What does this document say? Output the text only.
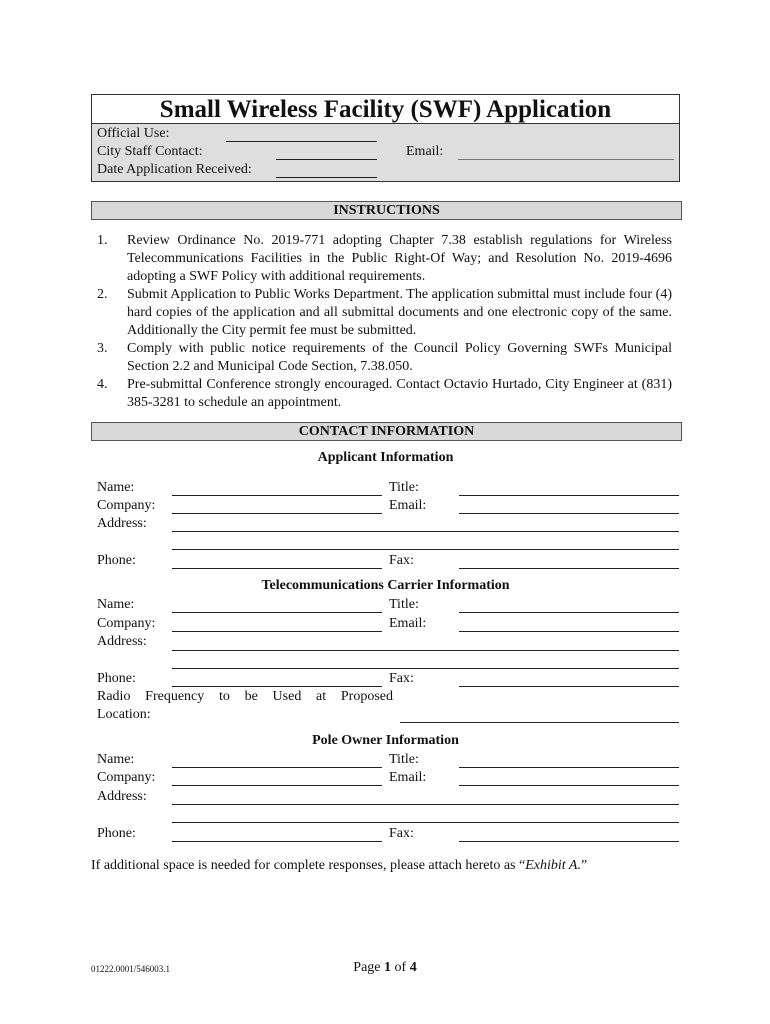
Small Wireless Facility (SWF) Application
Official Use:
City Staff Contact:	Email:
Date Application Received:
INSTRUCTIONS
1. Review Ordinance No. 2019-771 adopting Chapter 7.38 establish regulations for Wireless Telecommunications Facilities in the Public Right-Of Way; and Resolution No. 2019-4696 adopting a SWF Policy with additional requirements.
2. Submit Application to Public Works Department. The application submittal must include four (4) hard copies of the application and all submittal documents and one electronic copy of the same. Additionally the City permit fee must be submitted.
3. Comply with public notice requirements of the Council Policy Governing SWFs Municipal Section 2.2 and Municipal Code Section, 7.38.050.
4. Pre-submittal Conference strongly encouraged. Contact Octavio Hurtado, City Engineer at (831) 385-3281 to schedule an appointment.
CONTACT INFORMATION
Applicant Information
Name:	Title:
Company:	Email:
Address:
Phone:	Fax:
Telecommunications Carrier Information
Name:	Title:
Company:	Email:
Address:
Phone:	Fax:
Radio Frequency to be Used at Proposed
Location:
Pole Owner Information
Name:	Title:
Company:	Email:
Address:
Phone:	Fax:
If additional space is needed for complete responses, please attach hereto as “Exhibit A.”
01222.0001/546003.1	Page 1 of 4
